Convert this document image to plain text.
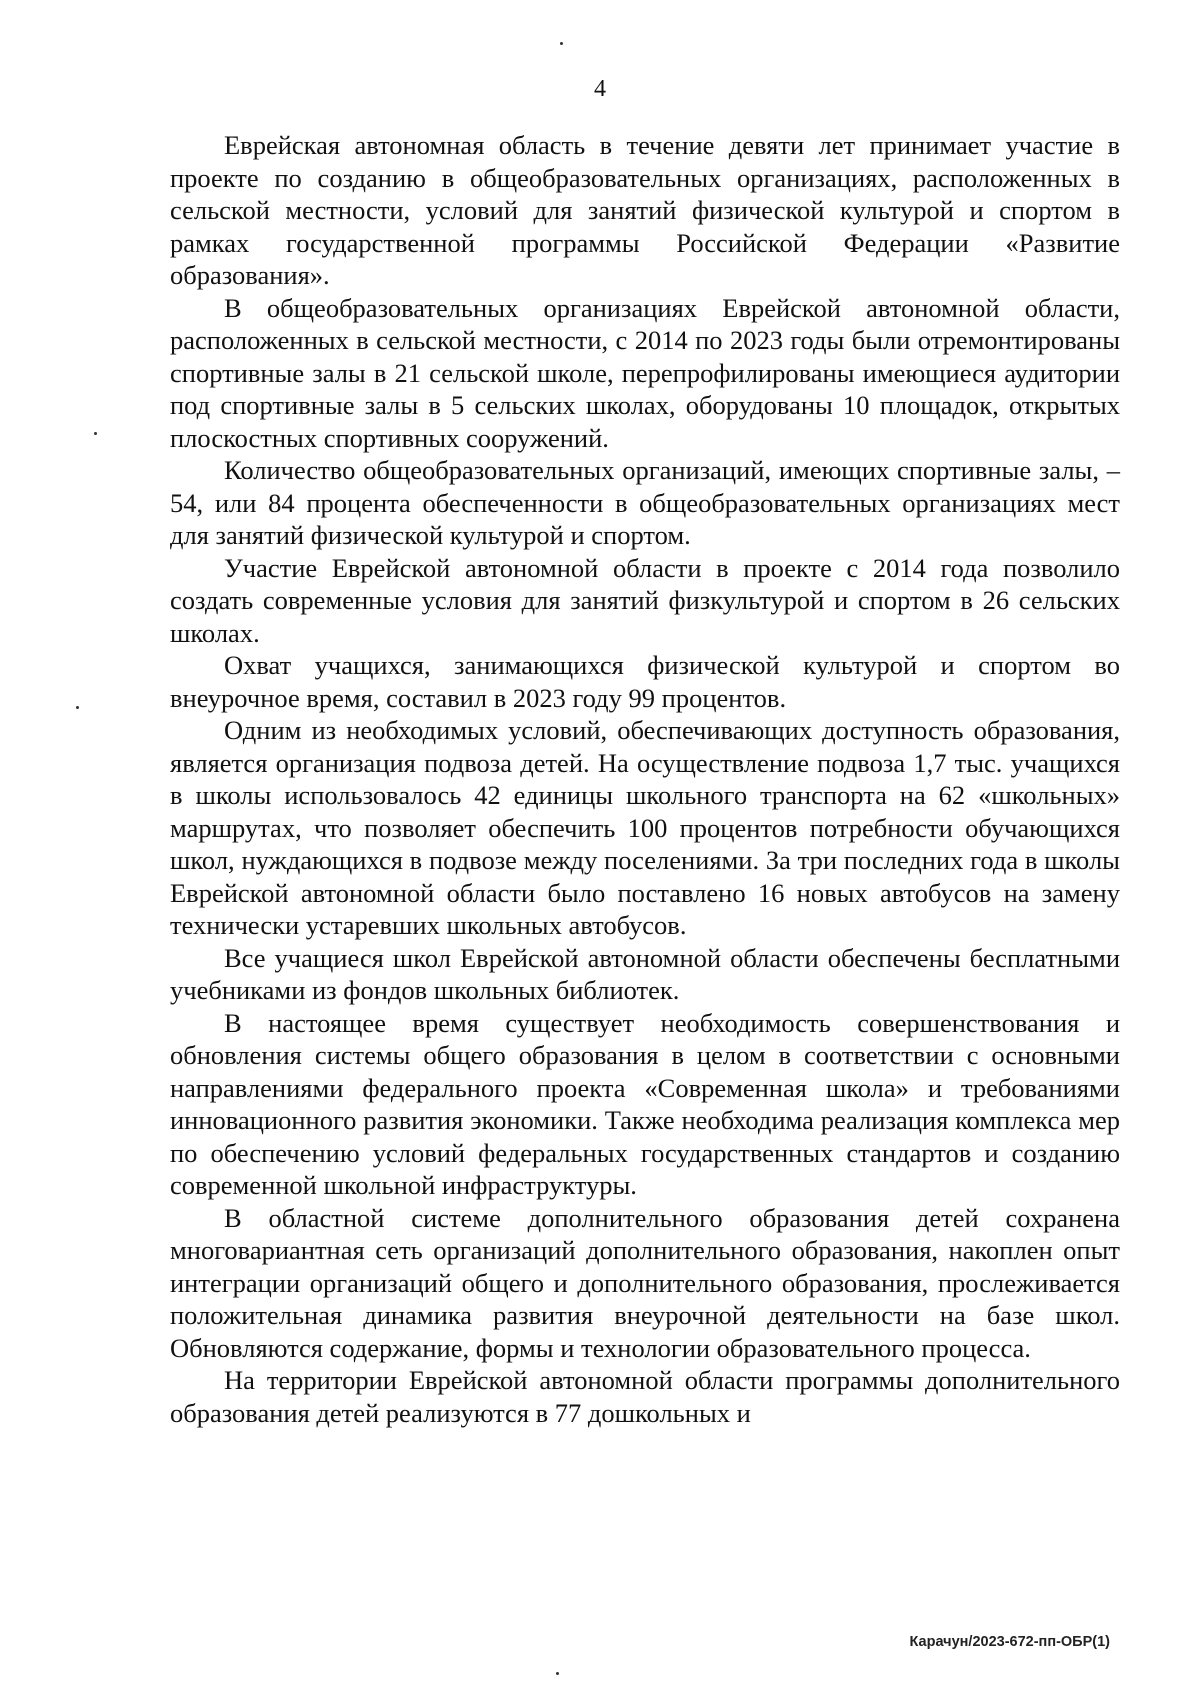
4

Еврейская автономная область в течение девяти лет принимает участие в проекте по созданию в общеобразовательных организациях, расположенных в сельской местности, условий для занятий физической культурой и спортом в рамках государственной программы Российской Федерации «Развитие образования».

В общеобразовательных организациях Еврейской автономной области, расположенных в сельской местности, с 2014 по 2023 годы были отремонтированы спортивные залы в 21 сельской школе, перепрофилированы имеющиеся аудитории под спортивные залы в 5 сельских школах, оборудованы 10 площадок, открытых плоскостных спортивных сооружений.

Количество общеобразовательных организаций, имеющих спортивные залы, – 54, или 84 процента обеспеченности в общеобразовательных организациях мест для занятий физической культурой и спортом.

Участие Еврейской автономной области в проекте с 2014 года позволило создать современные условия для занятий физкультурой и спортом в 26 сельских школах.

Охват учащихся, занимающихся физической культурой и спортом во внеурочное время, составил в 2023 году 99 процентов.

Одним из необходимых условий, обеспечивающих доступность образования, является организация подвоза детей. На осуществление подвоза 1,7 тыс. учащихся в школы использовалось 42 единицы школьного транспорта на 62 «школьных» маршрутах, что позволяет обеспечить 100 процентов потребности обучающихся школ, нуждающихся в подвозе между поселениями. За три последних года в школы Еврейской автономной области было поставлено 16 новых автобусов на замену технически устаревших школьных автобусов.

Все учащиеся школ Еврейской автономной области обеспечены бесплатными учебниками из фондов школьных библиотек.

В настоящее время существует необходимость совершенствования и обновления системы общего образования в целом в соответствии с основными направлениями федерального проекта «Современная школа» и требованиями инновационного развития экономики. Также необходима реализация комплекса мер по обеспечению условий федеральных государственных стандартов и созданию современной школьной инфраструктуры.

В областной системе дополнительного образования детей сохранена многовариантная сеть организаций дополнительного образования, накоплен опыт интеграции организаций общего и дополнительного образования, прослеживается положительная динамика развития внеурочной деятельности на базе школ. Обновляются содержание, формы и технологии образовательного процесса.

На территории Еврейской автономной области программы дополнительного образования детей реализуются в 77 дошкольных и

Карачун/2023-672-пп-ОБР(1)
